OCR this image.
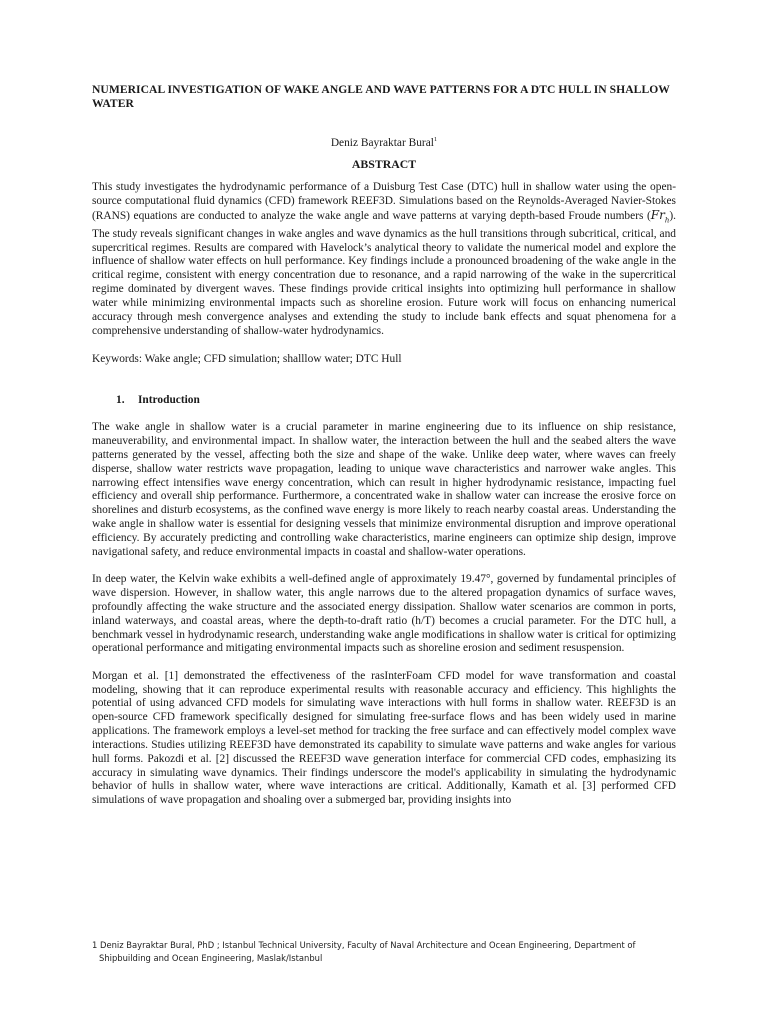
NUMERICAL INVESTIGATION OF WAKE ANGLE AND WAVE PATTERNS FOR A DTC HULL IN SHALLOW WATER
Deniz Bayraktar Bural$^1$
ABSTRACT

This study investigates the hydrodynamic performance of a Duisburg Test Case (DTC) hull in shallow water using the open-source computational fluid dynamics (CFD) framework REEF3D. Simulations based on the Reynolds-Averaged Navier-Stokes (RANS) equations are conducted to analyze the wake angle and wave patterns at varying depth-based Froude numbers $(Fr_h)$. The study reveals significant changes in wake angles and wave dynamics as the hull transitions through subcritical, critical, and supercritical regimes. Results are compared with Havelock’s analytical theory to validate the numerical model and explore the influence of shallow water effects on hull performance. Key findings include a pronounced broadening of the wake angle in the critical regime, consistent with energy concentration due to resonance, and a rapid narrowing of the wake in the supercritical regime dominated by divergent waves. These findings provide critical insights into optimizing hull performance in shallow water while minimizing environmental impacts such as shoreline erosion. Future work will focus on enhancing numerical accuracy through mesh convergence analyses and extending the study to include bank effects and squat phenomena for a comprehensive understanding of shallow-water hydrodynamics.

Keywords: Wake angle; CFD simulation; shalllow water; DTC Hull

1. Introduction

The wake angle in shallow water is a crucial parameter in marine engineering due to its influence on ship resistance, maneuverability, and environmental impact. In shallow water, the interaction between the hull and the seabed alters the wave patterns generated by the vessel, affecting both the size and shape of the wake. Unlike deep water, where waves can freely disperse, shallow water restricts wave propagation, leading to unique wave characteristics and narrower wake angles. This narrowing effect intensifies wave energy concentration, which can result in higher hydrodynamic resistance, impacting fuel efficiency and overall ship performance. Furthermore, a concentrated wake in shallow water can increase the erosive force on shorelines and disturb ecosystems, as the confined wave energy is more likely to reach nearby coastal areas. Understanding the wake angle in shallow water is essential for designing vessels that minimize environmental disruption and improve operational efficiency. By accurately predicting and controlling wake characteristics, marine engineers can optimize ship design, improve navigational safety, and reduce environmental impacts in coastal and shallow-water operations.

In deep water, the Kelvin wake exhibits a well-defined angle of approximately 19.47°, governed by fundamental principles of wave dispersion. However, in shallow water, this angle narrows due to the altered propagation dynamics of surface waves, profoundly affecting the wake structure and the associated energy dissipation. Shallow water scenarios are common in ports, inland waterways, and coastal areas, where the depth-to-draft ratio (h/T) becomes a crucial parameter. For the DTC hull, a benchmark vessel in hydrodynamic research, understanding wake angle modifications in shallow water is critical for optimizing operational performance and mitigating environmental impacts such as shoreline erosion and sediment resuspension.

Morgan et al. [1] demonstrated the effectiveness of the rasInterFoam CFD model for wave transformation and coastal modeling, showing that it can reproduce experimental results with reasonable accuracy and efficiency. This highlights the potential of using advanced CFD models for simulating wave interactions with hull forms in shallow water. REEF3D is an open-source CFD framework specifically designed for simulating free-surface flows and has been widely used in marine applications. The framework employs a level-set method for tracking the free surface and can effectively model complex wave interactions. Studies utilizing REEF3D have demonstrated its capability to simulate wave patterns and wake angles for various hull forms. Pakozdi et al. [2] discussed the REEF3D wave generation interface for commercial CFD codes, emphasizing its accuracy in simulating wave dynamics. Their findings underscore the model's applicability in simulating the hydrodynamic behavior of hulls in shallow water, where wave interactions are critical. Additionally, Kamath et al. [3] performed CFD simulations of wave propagation and shoaling over a submerged bar, providing insights into

1 Deniz Bayraktar Bural, PhD ; Istanbul Technical University, Faculty of Naval Architecture and Ocean Engineering, Department of
Shipbuilding and Ocean Engineering, Maslak/Istanbul
